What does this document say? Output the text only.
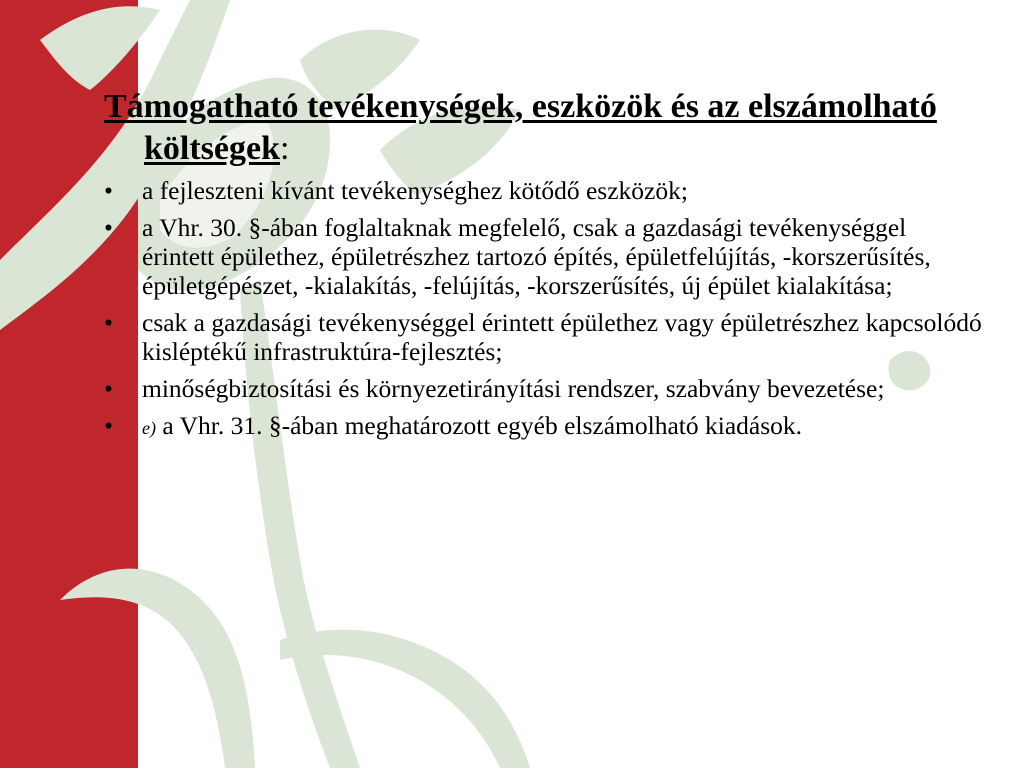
Támogatható tevékenységek, eszközök és az elszámolható költségek:
•	a fejleszteni kívánt tevékenységhez kötődő eszközök;
•	a Vhr. 30. §-ában foglaltaknak megfelelő, csak a gazdasági tevékenységgel érintett épülethez, épületrészhez tartozó építés, épületfelújítás, -korszerűsítés, épületgépészet, -kialakítás, -felújítás, -korszerűsítés, új épület kialakítása;
•	csak a gazdasági tevékenységgel érintett épülethez vagy épületrészhez kapcsolódó kisléptékű infrastruktúra-fejlesztés;
•	minőségbiztosítási és környezetirányítási rendszer, szabvány bevezetése;
•	e) a Vhr. 31. §-ában meghatározott egyéb elszámolható kiadások.
